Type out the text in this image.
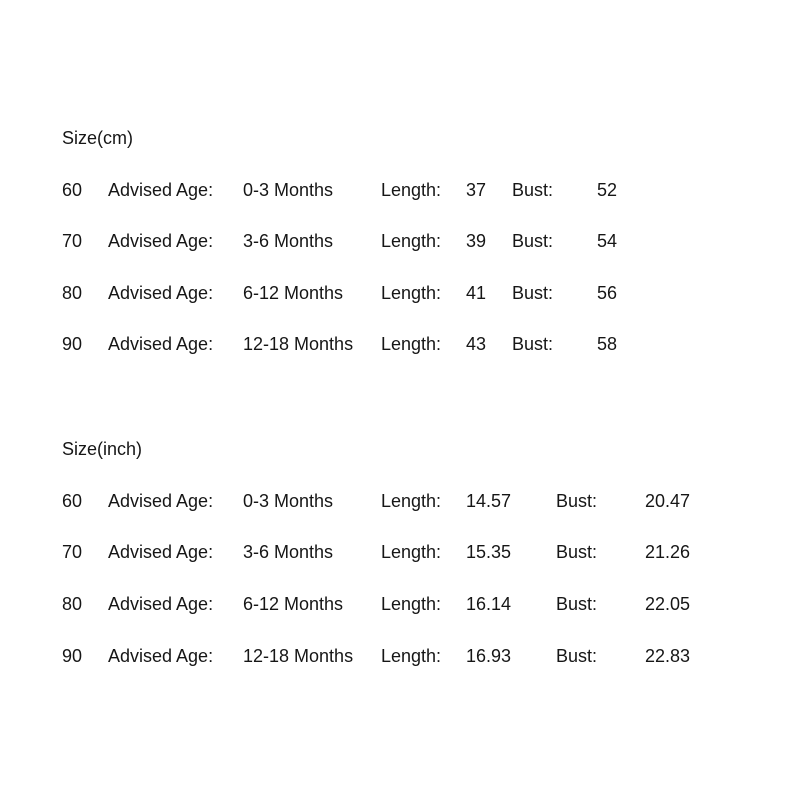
Size(cm)
60 Advised Age: 0-3 Months	Length: 37 Bust: 52
70 Advised Age: 3-6 Months	Length: 39 Bust: 54
80 Advised Age: 6-12 Months Length: 41 Bust: 56
90 Advised Age: 12-18 Months Length: 43 Bust: 58
Size(inch)
60 Advised Age: 0-3 Months	Length: 14.57 Bust:	20.47
70 Advised Age: 3-6 Months	Length: 15.35 Bust:	21.26
80 Advised Age: 6-12 Months Length: 16.14 Bust:	22.05
90 Advised Age: 12-18 Months Length: 16.93 Bust:	22.83
